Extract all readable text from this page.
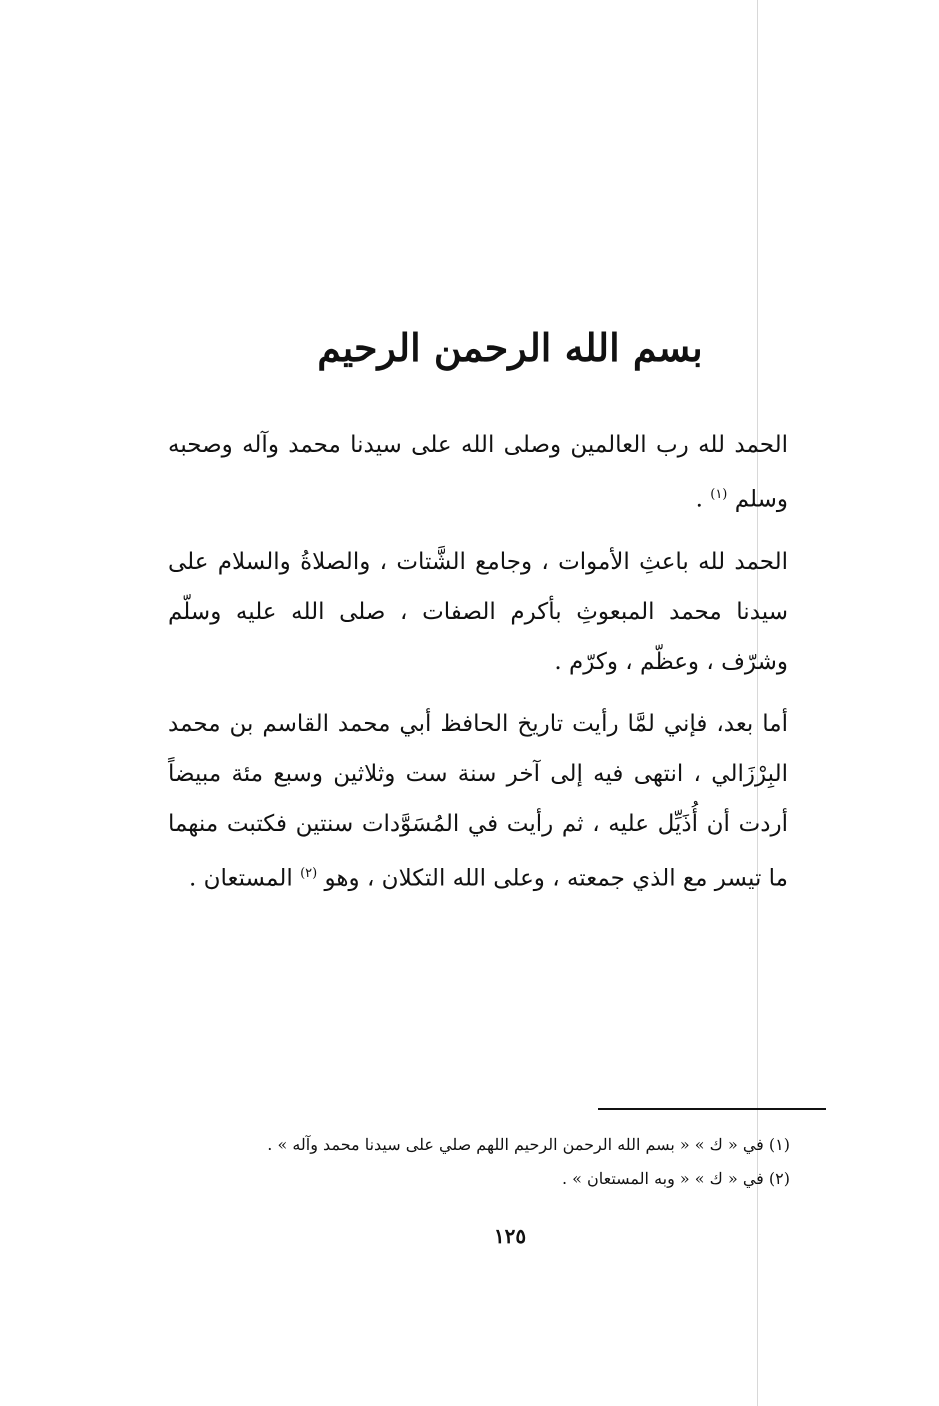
بسم الله الرحمن الرحيم

الحمد لله رب العالمين وصلى الله على سيدنا محمد وآله وصحبه وسلم $^{(١)}$ .

الحمد لله باعثِ الأموات ، وجامع الشَّتات ، والصلاةُ والسلام على سيدنا محمد المبعوثِ بأكرم الصفات ، صلى الله عليه وسلّم وشرّف ، وعظّم ، وكرّم .

أما بعد، فإني لمَّا رأيت تاريخ الحافظ أبي محمد القاسم بن محمد البِرْزَالي ، انتهى فيه إلى آخر سنة ست وثلاثين وسبع مئة مبيضاً أردت أن أُذَيِّل عليه ، ثم رأيت في المُسَوَّدات سنتين فكتبت منهما ما تيسر مع الذي جمعته ، وعلى الله التكلان ، وهو $^{(٢)}$ المستعان .

(١) في « ك » « بسم الله الرحمن الرحيم اللهم صلي على سيدنا محمد وآله » .

(٢) في « ك » « وبه المستعان » .

١٢٥
